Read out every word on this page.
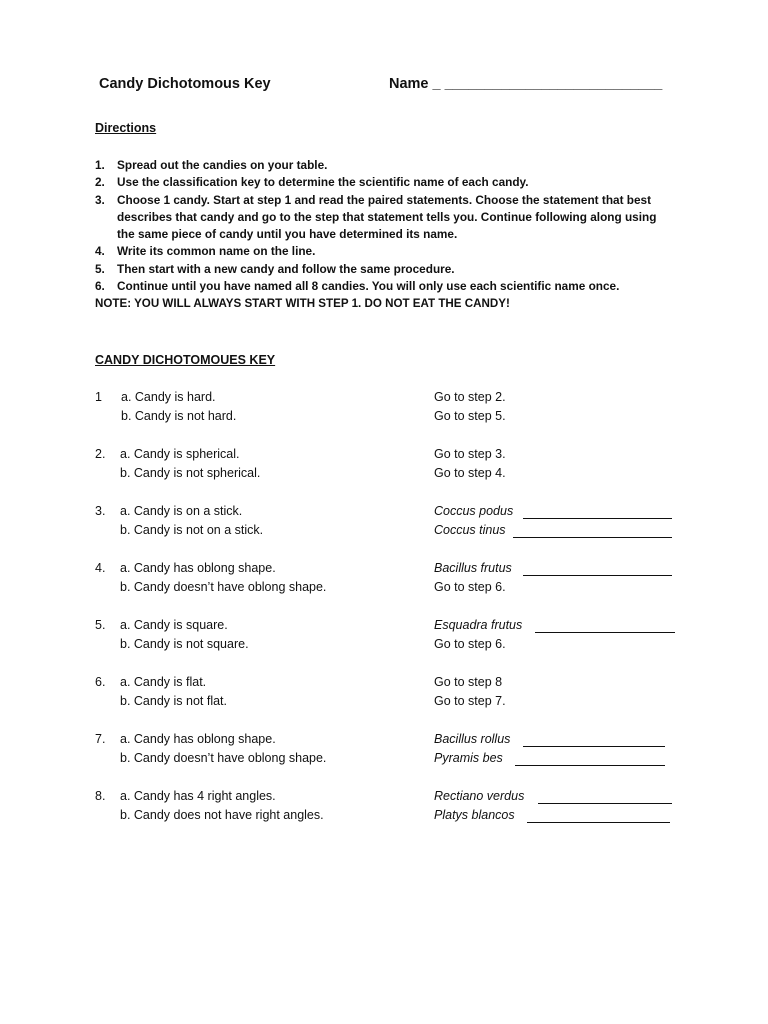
Candy Dichotomous Key	Name _ ___________________________
Directions
1. Spread out the candies on your table.
2. Use the classification key to determine the scientific name of each candy.
3. Choose 1 candy. Start at step 1 and read the paired statements. Choose the statement that best describes that candy and go to the step that statement tells you. Continue following along using the same piece of candy until you have determined its name.
4. Write its common name on the line.
5. Then start with a new candy and follow the same procedure.
6. Continue until you have named all 8 candies. You will only use each scientific name once.
NOTE: YOU WILL ALWAYS START WITH STEP 1. DO NOT EAT THE CANDY!
CANDY DICHOTOMOUES KEY
1 a. Candy is hard.	Go to step 2.
b. Candy is not hard.	Go to step 5.
2. a. Candy is spherical.	Go to step 3.
b. Candy is not spherical.	Go to step 4.
3. a. Candy is on a stick.	Coccus podus
b. Candy is not on a stick.	Coccus tinus
4. a. Candy has oblong shape.	Bacillus frutus
b. Candy doesn’t have oblong shape.	Go to step 6.
5. a. Candy is square.	Esquadra frutus
b. Candy is not square.	Go to step 6.
6. a. Candy is flat.	Go to step 8
b. Candy is not flat.	Go to step 7.
7. a. Candy has oblong shape.	Bacillus rollus
b. Candy doesn’t have oblong shape.	Pyramis bes
8. a. Candy has 4 right angles.	Rectiano verdus
b. Candy does not have right angles.	Platys blancos
